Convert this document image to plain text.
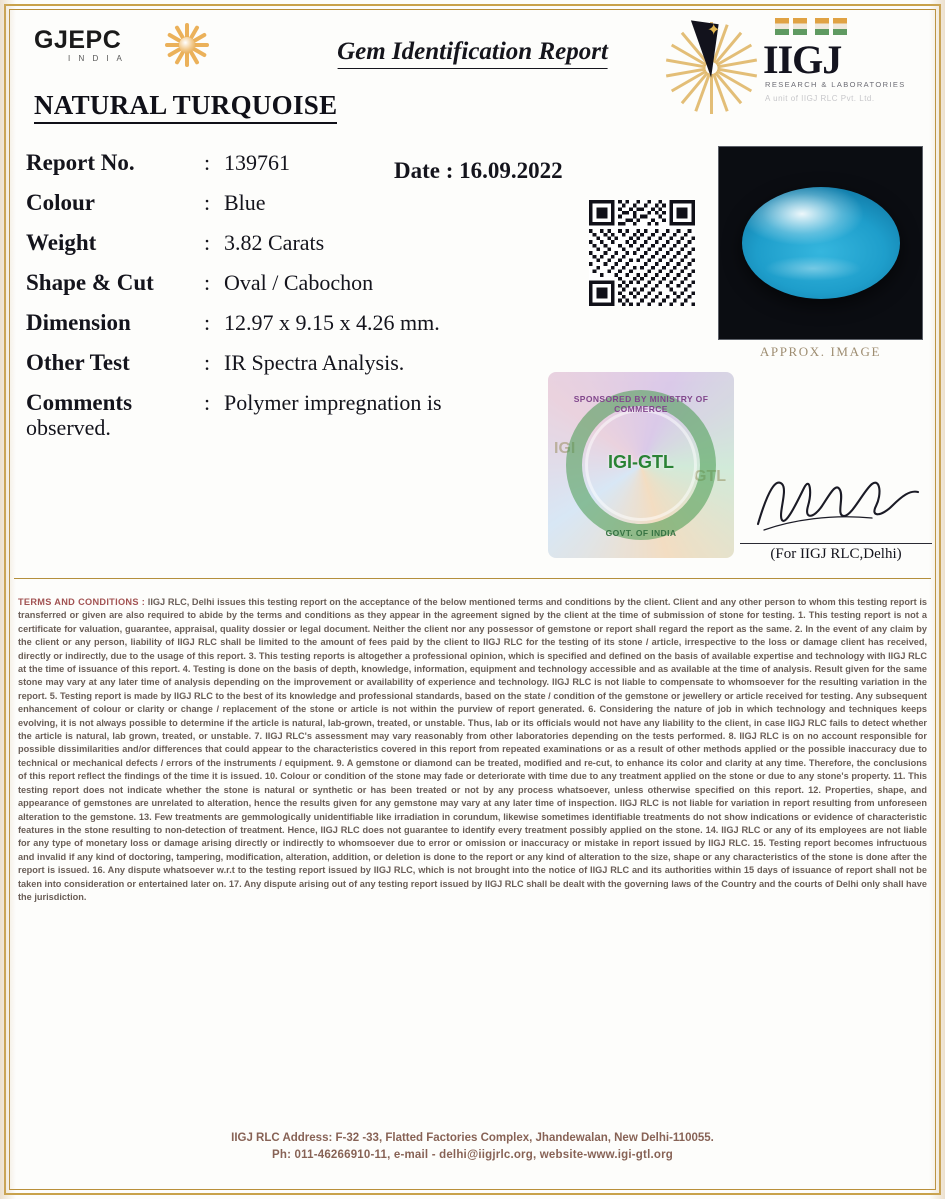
GJEPC
I N D I A	Gem Identification Report
✦
IIGJ
RESEARCH & LABORATORIES
A unit of IIGJ RLC Pvt. Ltd.
NATURAL TURQUOISE
Report No.	: 139761
Colour	: Blue
Weight	: 3.82 Carats
Shape & Cut	: Oval / Cabochon
Dimension	: 12.97 x 9.15 x 4.26 mm.
Other Test	: IR Spectra Analysis.
Comments	: Polymer impregnation is
Date : 16.09.2022
observed.
APPROX. IMAGE
IGI
GTL
SPONSORED BY MINISTRY OF COMMERCE
IGI-GTL
GOVT. OF INDIA
(For IIGJ RLC,Delhi)

TERMS AND CONDITIONS : IIGJ RLC, Delhi issues this testing report on the acceptance of the below mentioned terms and conditions by the client. Client and any other person to whom this testing report is transferred or given are also required to abide by the terms and conditions as they appear in the agreement signed by the client at the time of submission of stone for testing. 1. This testing report is not a certificate for valuation, guarantee, appraisal, quality dossier or legal document. Neither the client nor any possessor of gemstone or report shall regard the report as the same. 2. In the event of any claim by the client or any person, liability of IIGJ RLC shall be limited to the amount of fees paid by the client to IIGJ RLC for the testing of its stone / article, irrespective to the loss or damage client has received, directly or indirectly, due to the usage of this report. 3. This testing reports is altogether a professional opinion, which is specified and defined on the basis of available expertise and technology with IIGJ RLC at the time of issuance of this report. 4. Testing is done on the basis of depth, knowledge, information, equipment and technology accessible and as available at the time of analysis. Result given for the same stone may vary at any later time of analysis depending on the improvement or availability of experience and technology. IIGJ RLC is not liable to compensate to whomsoever for the resulting variation in the report. 5. Testing report is made by IIGJ RLC to the best of its knowledge and professional standards, based on the state / condition of the gemstone or jewellery or article received for testing. Any subsequent enhancement of colour or clarity or change / replacement of the stone or article is not within the purview of report generated. 6. Considering the nature of job in which technology and techniques keeps evolving, it is not always possible to determine if the article is natural, lab-grown, treated, or unstable. Thus, lab or its officials would not have any liability to the client, in case IIGJ RLC fails to detect whether the article is natural, lab grown, treated, or unstable. 7. IIGJ RLC's assessment may vary reasonably from other laboratories depending on the tests performed. 8. IIGJ RLC is on no account responsible for possible dissimilarities and/or differences that could appear to the characteristics covered in this report from repeated examinations or as a result of other methods applied or the possible inaccuracy due to technical or mechanical defects / errors of the instruments / equipment. 9. A gemstone or diamond can be treated, modified and re-cut, to enhance its color and clarity at any time. Therefore, the conclusions of this report reflect the findings of the time it is issued. 10. Colour or condition of the stone may fade or deteriorate with time due to any treatment applied on the stone or due to any stone's property. 11. This testing report does not indicate whether the stone is natural or synthetic or has been treated or not by any process whatsoever, unless otherwise specified on this report. 12. Properties, shape, and appearance of gemstones are unrelated to alteration, hence the results given for any gemstone may vary at any later time of inspection. IIGJ RLC is not liable for variation in report resulting from unforeseen alteration to the gemstone. 13. Few treatments are gemmologically unidentifiable like irradiation in corundum, likewise sometimes identifiable treatments do not show indications or evidence of characteristic features in the stone resulting to non-detection of treatment. Hence, IIGJ RLC does not guarantee to identify every treatment possibly applied on the stone. 14. IIGJ RLC or any of its employees are not liable for any type of monetary loss or damage arising directly or indirectly to whomsoever due to error or omission or inaccuracy or mistake in report issued by IIGJ RLC. 15. Testing report becomes infructuous and invalid if any kind of doctoring, tampering, modification, alteration, addition, or deletion is done to the report or any kind of alteration to the size, shape or any characteristics of the stone is done after the report is issued. 16. Any dispute whatsoever w.r.t to the testing report issued by IIGJ RLC, which is not brought into the notice of IIGJ RLC and its authorities within 15 days of issuance of report shall not be taken into consideration or entertained later on. 17. Any dispute arising out of any testing report issued by IIGJ RLC shall be dealt with the governing laws of the Country and the courts of Delhi only shall have the jurisdiction.

IIGJ RLC Address: F-32 -33, Flatted Factories Complex, Jhandewalan, New Delhi-110055.
Ph: 011-46266910-11, e-mail - delhi@iigjrlc.org, website-www.igi-gtl.org
